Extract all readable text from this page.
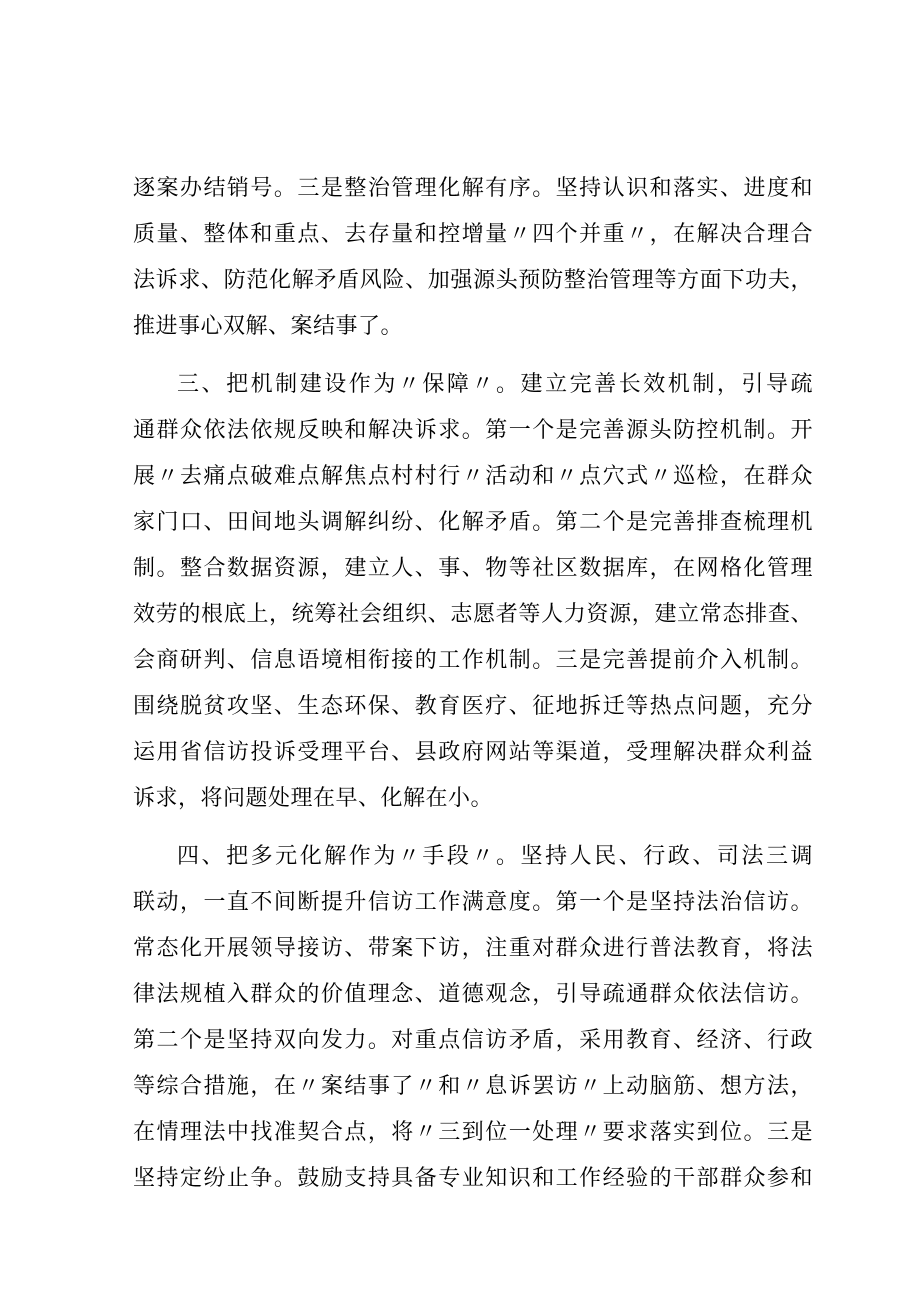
逐案办结销号。三是整治管理化解有序。坚持认识和落实、进度和
质量、整体和重点、去存量和控增量〃四个并重〃，在解决合理合
法诉求、防范化解矛盾风险、加强源头预防整治管理等方面下功夫，
推进事心双解、案结事了。
三、把机制建设作为〃保障〃。建立完善长效机制，引导疏
通群众依法依规反映和解决诉求。第一个是完善源头防控机制。开
展〃去痛点破难点解焦点村村行〃活动和〃点穴式〃巡检，在群众
家门口、田间地头调解纠纷、化解矛盾。第二个是完善排查梳理机
制。整合数据资源，建立人、事、物等社区数据库，在网格化管理
效劳的根底上，统筹社会组织、志愿者等人力资源，建立常态排查、
会商研判、信息语境相衔接的工作机制。三是完善提前介入机制。
围绕脱贫攻坚、生态环保、教育医疗、征地拆迁等热点问题，充分
运用省信访投诉受理平台、县政府网站等渠道，受理解决群众利益
诉求，将问题处理在早、化解在小。
四、把多元化解作为〃手段〃。坚持人民、行政、司法三调
联动，一直不间断提升信访工作满意度。第一个是坚持法治信访。
常态化开展领导接访、带案下访，注重对群众进行普法教育，将法
律法规植入群众的价值理念、道德观念，引导疏通群众依法信访。
第二个是坚持双向发力。对重点信访矛盾，采用教育、经济、行政
等综合措施，在〃案结事了〃和〃息诉罢访〃上动脑筋、想方法，
在情理法中找准契合点，将〃三到位一处理〃要求落实到位。三是
坚持定纷止争。鼓励支持具备专业知识和工作经验的干部群众参和
